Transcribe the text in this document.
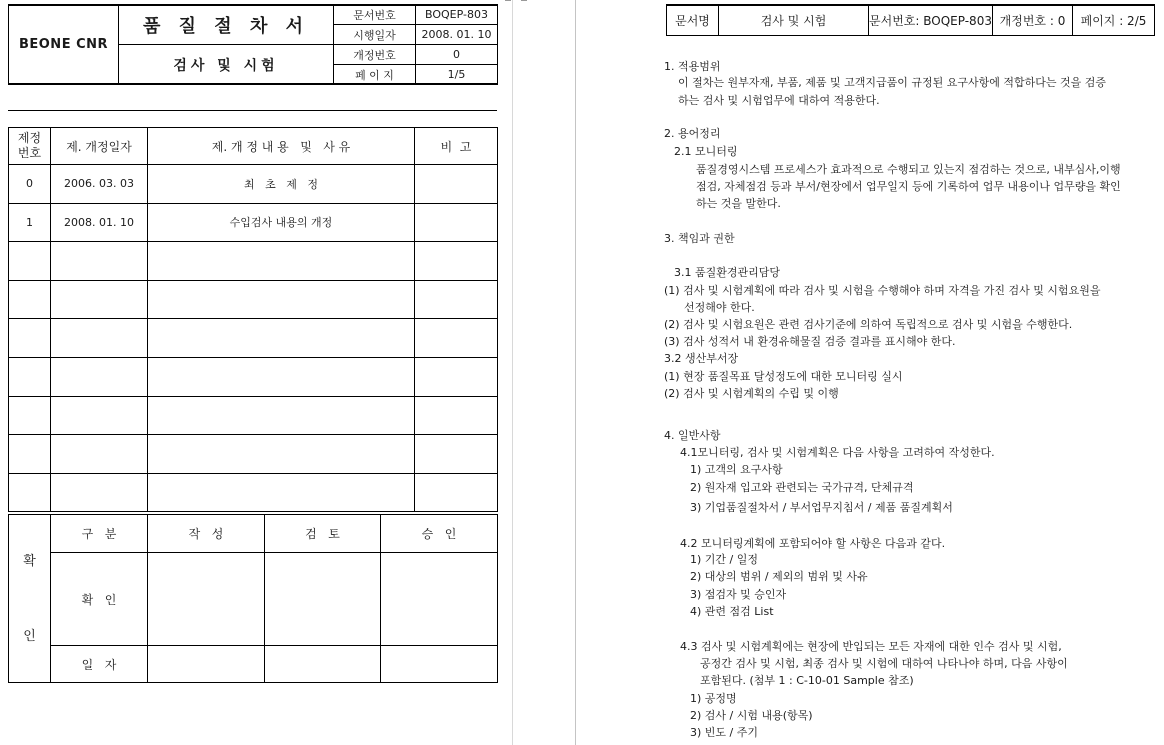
BEONE CNR	품 질 절 차 서	문서번호	BOQEP-803
		시행일자	2008. 01. 10
	검사 및 시험	개정번호	0
		페 이 지	1/5
제정
번호	제. 개정일자	제. 개 정 내 용   및   사 유	비  고
0	2006. 03. 03	최   초   제   정	
1	2008. 01. 10	수입검사 내용의 개정	

확
인	구   분	작   성	검   토	승   인
	확   인			
	일   자			
문서명	검사 및 시험	문서번호: BOQEP-803	개정번호 : 0	페이지 : 2/5
1. 적용범위
이 절차는 원부자재, 부품, 제품 및 고객지급품이 규정된 요구사항에 적합하다는 것을 검증
하는 검사 및 시험업무에 대하여 적용한다.
2. 용어정리
2.1 모니터링
품질경영시스템 프로세스가 효과적으로 수행되고 있는지 점검하는 것으로, 내부심사,이행
점검, 자체점검 등과 부서/현장에서 업무일지 등에 기록하여 업무 내용이나 업무량을 확인
하는 것을 말한다.
3. 책임과 권한
3.1 품질환경관리담당
(1) 검사 및 시험계획에 따라 검사 및 시험을 수행해야 하며 자격을 가진 검사 및 시험요원을
선정해야 한다.
(2) 검사 및 시험요원은 관련 검사기준에 의하여 독립적으로 검사 및 시험을 수행한다.
(3) 검사 성적서 내 환경유해물질 검증 결과를 표시해야 한다.
3.2 생산부서장
(1) 현장 품질목표 달성정도에 대한 모니터링 실시
(2) 검사 및 시험계획의 수립 및 이행
4. 일반사항
4.1모니터링, 검사 및 시험계획은 다음 사항을 고려하여 작성한다.
1) 고객의 요구사항
2) 원자재 입고와 관련되는 국가규격, 단체규격
3) 기업품질절차서 / 부서업무지침서 / 제품 품질계획서
4.2 모니터링계획에 포함되어야 할 사항은 다음과 같다.
1) 기간 / 일정
2) 대상의 범위 / 제외의 범위 및 사유
3) 점검자 및 승인자
4) 관련 점검 List
4.3 검사 및 시험계획에는 현장에 반입되는 모든 자재에 대한 인수 검사 및 시험,
공정간 검사 및 시험, 최종 검사 및 시험에 대하여 나타나야 하며, 다음 사항이
포함된다. (첨부 1 : C-10-01 Sample 참조)
1) 공정명
2) 검사 / 시험 내용(항목)
3) 빈도 / 주기
